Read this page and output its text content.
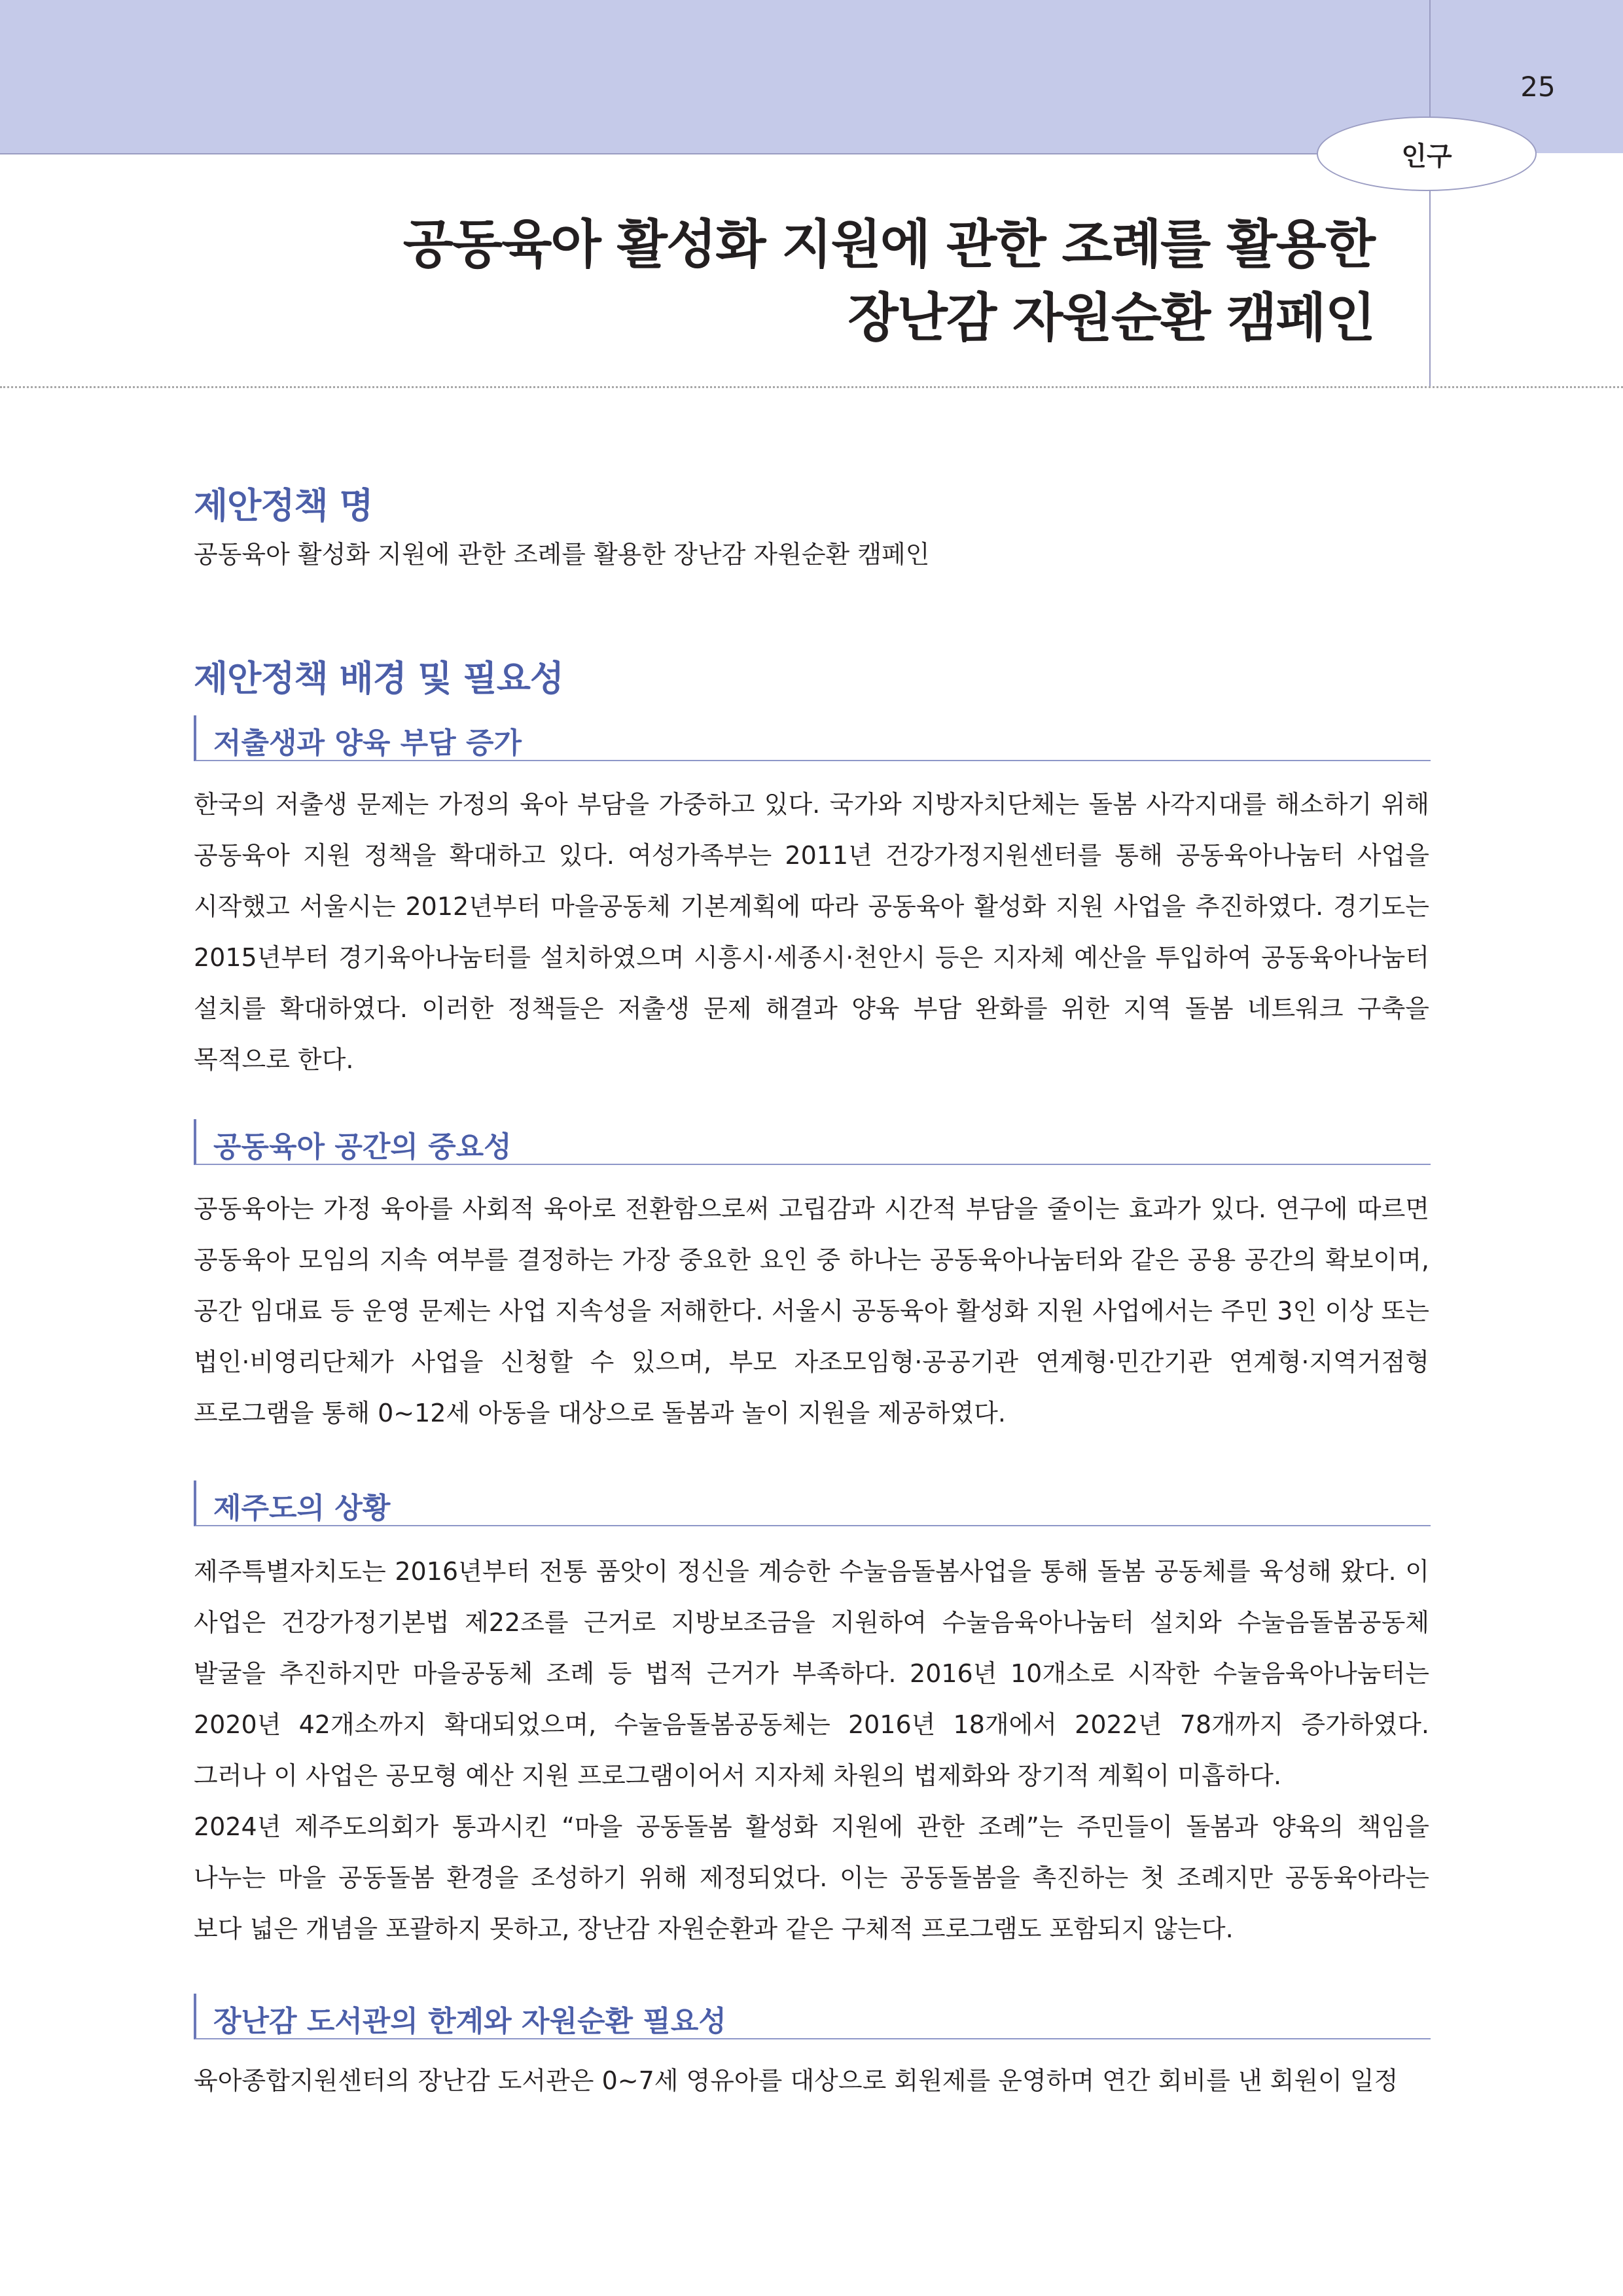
25
인구
공동육아 활성화 지원에 관한 조례를 활용한
장난감 자원순환 캠페인
제안정책 명
공동육아 활성화 지원에 관한 조례를 활용한 장난감 자원순환 캠페인
제안정책 배경 및 필요성
저출생과 양육 부담 증가
한국의 저출생 문제는 가정의 육아 부담을 가중하고 있다. 국가와 지방자치단체는 돌봄 사각지대를 해소하기 위해 공동육아 지원 정책을 확대하고 있다. 여성가족부는 2011년 건강가정지원센터를 통해 공동육아나눔터 사업을 시작했고 서울시는 2012년부터 마을공동체 기본계획에 따라 공동육아 활성화 지원 사업을 추진하였다. 경기도는 2015년부터 경기육아나눔터를 설치하였으며 시흥시·세종시·천안시 등은 지자체 예산을 투입하여 공동육아나눔터 설치를 확대하였다. 이러한 정책들은 저출생 문제 해결과 양육 부담 완화를 위한 지역 돌봄 네트워크 구축을 목적으로 한다.
공동육아 공간의 중요성
공동육아는 가정 육아를 사회적 육아로 전환함으로써 고립감과 시간적 부담을 줄이는 효과가 있다. 연구에 따르면 공동육아 모임의 지속 여부를 결정하는 가장 중요한 요인 중 하나는 공동육아나눔터와 같은 공용 공간의 확보이며, 공간 임대료 등 운영 문제는 사업 지속성을 저해한다. 서울시 공동육아 활성화 지원 사업에서는 주민 3인 이상 또는 법인·비영리단체가 사업을 신청할 수 있으며, 부모 자조모임형·공공기관 연계형·민간기관 연계형·지역거점형 프로그램을 통해 0~12세 아동을 대상으로 돌봄과 놀이 지원을 제공하였다.
제주도의 상황
제주특별자치도는 2016년부터 전통 품앗이 정신을 계승한 수눌음돌봄사업을 통해 돌봄 공동체를 육성해 왔다. 이 사업은 건강가정기본법 제22조를 근거로 지방보조금을 지원하여 수눌음육아나눔터 설치와 수눌음돌봄공동체 발굴을 추진하지만 마을공동체 조례 등 법적 근거가 부족하다. 2016년 10개소로 시작한 수눌음육아나눔터는 2020년 42개소까지 확대되었으며, 수눌음돌봄공동체는 2016년 18개에서 2022년 78개까지 증가하였다. 그러나 이 사업은 공모형 예산 지원 프로그램이어서 지자체 차원의 법제화와 장기적 계획이 미흡하다.
2024년 제주도의회가 통과시킨 “마을 공동돌봄 활성화 지원에 관한 조례”는 주민들이 돌봄과 양육의 책임을 나누는 마을 공동돌봄 환경을 조성하기 위해 제정되었다. 이는 공동돌봄을 촉진하는 첫 조례지만 공동육아라는 보다 넓은 개념을 포괄하지 못하고, 장난감 자원순환과 같은 구체적 프로그램도 포함되지 않는다.
장난감 도서관의 한계와 자원순환 필요성
육아종합지원센터의 장난감 도서관은 0~7세 영유아를 대상으로 회원제를 운영하며 연간 회비를 낸 회원이 일정
